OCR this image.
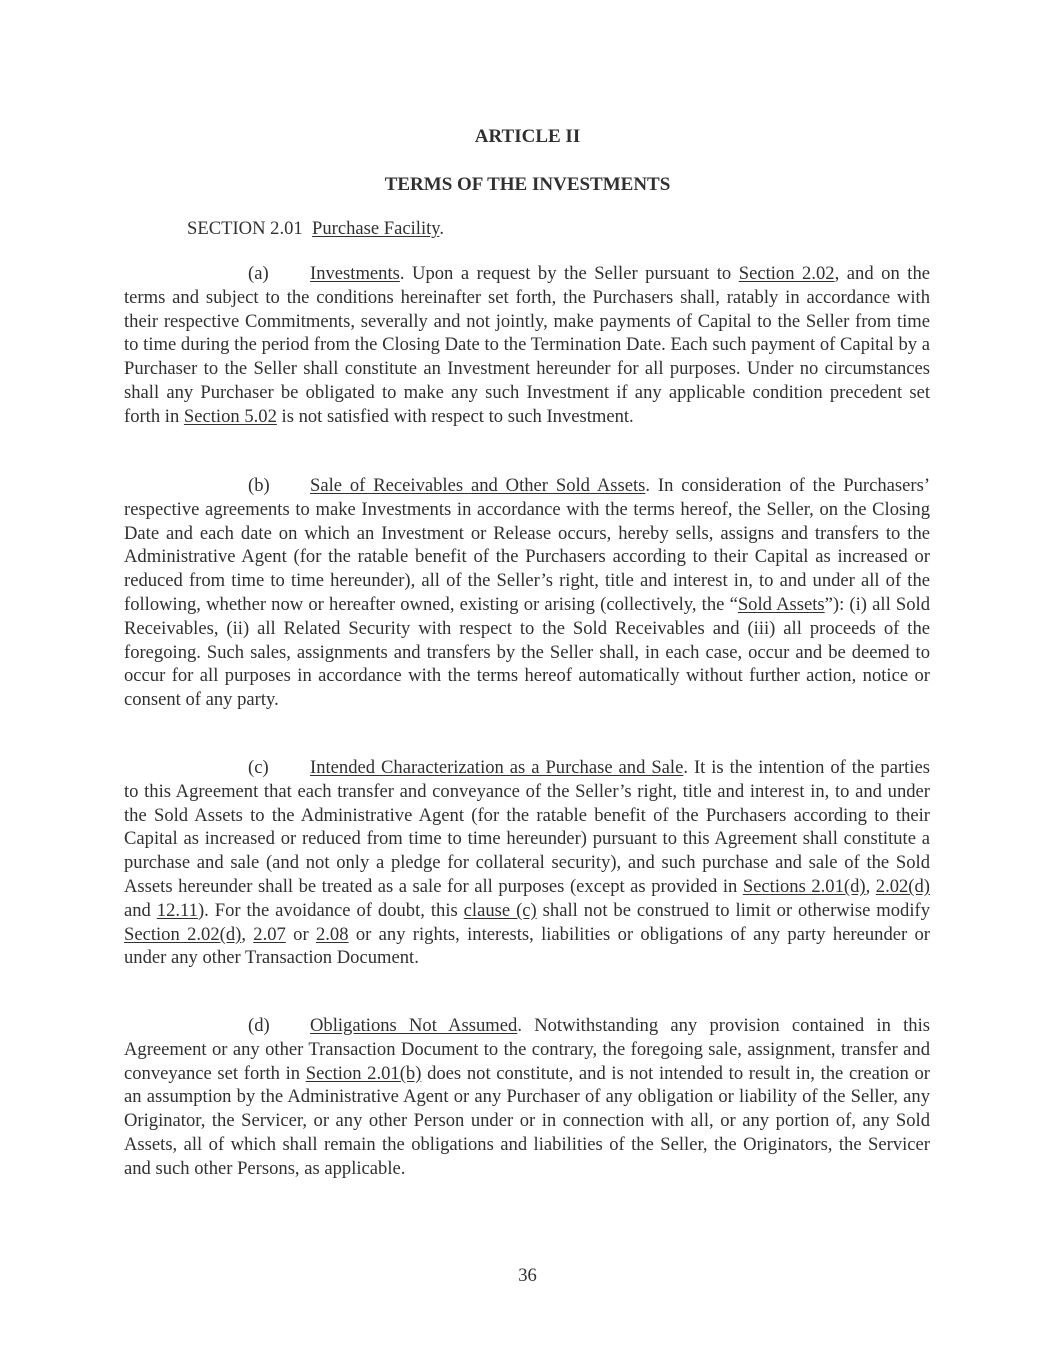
ARTICLE II

TERMS OF THE INVESTMENTS

SECTION 2.01 Purchase Facility.

(a) Investments. Upon a request by the Seller pursuant to Section 2.02, and on the terms and subject to the conditions hereinafter set forth, the Purchasers shall, ratably in accordance with their respective Commitments, severally and not jointly, make payments of Capital to the Seller from time to time during the period from the Closing Date to the Termination Date. Each such payment of Capital by a Purchaser to the Seller shall constitute an Investment hereunder for all purposes. Under no circumstances shall any Purchaser be obligated to make any such Investment if any applicable condition precedent set forth in Section 5.02 is not satisfied with respect to such Investment.

(b) Sale of Receivables and Other Sold Assets. In consideration of the Purchasers’ respective agreements to make Investments in accordance with the terms hereof, the Seller, on the Closing Date and each date on which an Investment or Release occurs, hereby sells, assigns and transfers to the Administrative Agent (for the ratable benefit of the Purchasers according to their Capital as increased or reduced from time to time hereunder), all of the Seller’s right, title and interest in, to and under all of the following, whether now or hereafter owned, existing or arising (collectively, the “Sold Assets”): (i) all Sold Receivables, (ii) all Related Security with respect to the Sold Receivables and (iii) all proceeds of the foregoing. Such sales, assignments and transfers by the Seller shall, in each case, occur and be deemed to occur for all purposes in accordance with the terms hereof automatically without further action, notice or consent of any party.

(c) Intended Characterization as a Purchase and Sale. It is the intention of the parties to this Agreement that each transfer and conveyance of the Seller’s right, title and interest in, to and under the Sold Assets to the Administrative Agent (for the ratable benefit of the Purchasers according to their Capital as increased or reduced from time to time hereunder) pursuant to this Agreement shall constitute a purchase and sale (and not only a pledge for collateral security), and such purchase and sale of the Sold Assets hereunder shall be treated as a sale for all purposes (except as provided in Sections 2.01(d), 2.02(d) and 12.11). For the avoidance of doubt, this clause (c) shall not be construed to limit or otherwise modify Section 2.02(d), 2.07 or 2.08 or any rights, interests, liabilities or obligations of any party hereunder or under any other Transaction Document.

(d) Obligations Not Assumed. Notwithstanding any provision contained in this Agreement or any other Transaction Document to the contrary, the foregoing sale, assignment, transfer and conveyance set forth in Section 2.01(b) does not constitute, and is not intended to result in, the creation or an assumption by the Administrative Agent or any Purchaser of any obligation or liability of the Seller, any Originator, the Servicer, or any other Person under or in connection with all, or any portion of, any Sold Assets, all of which shall remain the obligations and liabilities of the Seller, the Originators, the Servicer and such other Persons, as applicable.

36
